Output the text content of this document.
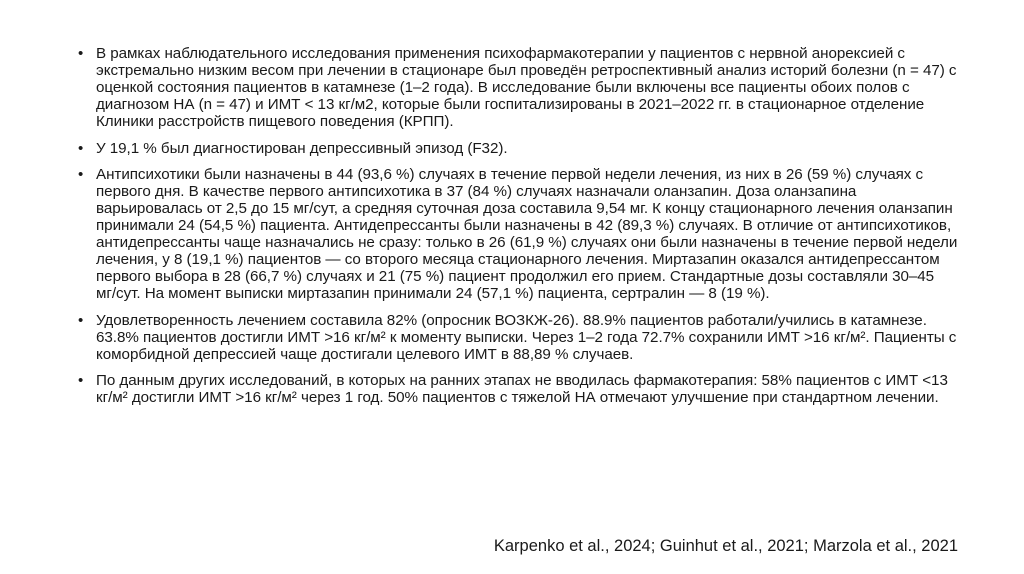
• В рамках наблюдательного исследования применения психофармакотерапии у пациентов с нервной анорексией с экстремально низким весом при лечении в стационаре был проведён ретроспективный анализ историй болезни (n = 47) с оценкой состояния пациентов в катамнезе (1–2 года). В исследование были включены все пациенты обоих полов с диагнозом НА (n = 47) и ИМТ < 13 кг/м2, которые были госпитализированы в 2021–2022 гг. в стационарное отделение Клиники расстройств пищевого поведения (КРПП).
• У 19,1 % был диагностирован депрессивный эпизод (F32).
• Антипсихотики были назначены в 44 (93,6 %) случаях в течение первой недели лечения, из них в 26 (59 %) случаях с первого дня. В качестве первого антипсихотика в 37 (84 %) случаях назначали оланзапин. Доза оланзапина варьировалась от 2,5 до 15 мг/сут, а средняя суточная доза составила 9,54 мг. К концу стационарного лечения оланзапин принимали 24 (54,5 %) пациента. Антидепрессанты были назначены в 42 (89,3 %) случаях. В отличие от антипсихотиков, антидепрессанты чаще назначались не сразу: только в 26 (61,9 %) случаях они были назначены в течение первой недели лечения, у 8 (19,1 %) пациентов — со второго месяца стационарного лечения. Миртазапин оказался антидепрессантом первого выбора в 28 (66,7 %) случаях и 21 (75 %) пациент продолжил его прием. Стандартные дозы составляли 30–45 мг/сут. На момент выписки миртазапин принимали 24 (57,1 %) пациента, сертралин — 8 (19 %).
• Удовлетворенность лечением составила 82% (опросник ВОЗКЖ-26). 88.9% пациентов работали/учились в катамнезе. 63.8% пациентов достигли ИМТ >16 кг/м² к моменту выписки. Через 1–2 года 72.7% сохранили ИМТ >16 кг/м². Пациенты с коморбидной депрессией чаще достигали целевого ИМТ в 88,89 % случаев.
• По данным других исследований, в которых на ранних этапах не вводилась фармакотерапия: 58% пациентов с ИМТ <13 кг/м² достигли ИМТ >16 кг/м² через 1 год. 50% пациентов с тяжелой НА отмечают улучшение при стандартном лечении.
Karpenko et al., 2024; Guinhut et al., 2021; Marzola et al., 2021
